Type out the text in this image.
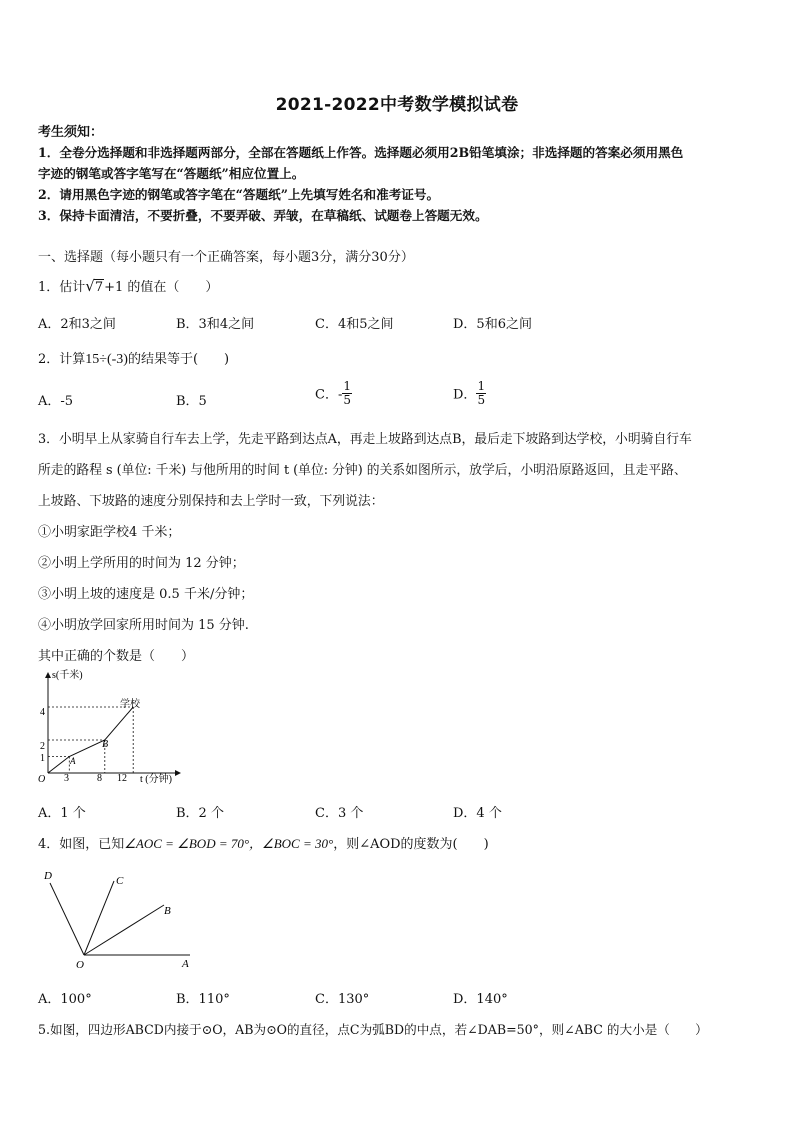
2021-2022中考数学模拟试卷
考生须知：
1．全卷分选择题和非选择题两部分，全部在答题纸上作答。选择题必须用2B铅笔填涂；非选择题的答案必须用黑色
字迹的钢笔或答字笔写在“答题纸”相应位置上。
2．请用黑色字迹的钢笔或答字笔在“答题纸”上先填写姓名和准考证号。
3．保持卡面清洁，不要折叠，不要弄破、弄皱，在草稿纸、试题卷上答题无效。
一、选择题（每小题只有一个正确答案，每小题3分，满分30分）
1．估计√7+1 的值在（　　）
A．2和3之间	B．3和4之间	C．4和5之间	D．5和6之间
2．计算15÷(-3)的结果等于(　　)
A．-5	B．5	C．- $\frac{1}{5}$	D． $\frac{1}{5}$
3．小明早上从家骑自行车去上学，先走平路到达点A，再走上坡路到达点B，最后走下坡路到达学校，小明骑自行车
所走的路程 s (单位: 千米) 与他所用的时间 t (单位: 分钟) 的关系如图所示，放学后，小明沿原路返回，且走平路、
上坡路、下坡路的速度分别保持和去上学时一致，下列说法：
①小明家距学校4 千米；
②小明上学所用的时间为 12 分钟；
③小明上坡的速度是 0.5 千米/分钟；
④小明放学回家所用时间为 15 分钟.
其中正确的个数是（　　）
s(千米)
t (分钟)
O
4
2
1
3	8 12
A
B
学校
A．1 个	B．2 个	C．3 个	D．4 个
4．如图，已知∠AOC = ∠BOD = 70°，∠BOC = 30°，则∠AOD的度数为(　　)
D	C
B
O	A
A．100°	B．110°	C．130°	D．140°
5.如图，四边形ABCD内接于⊙O，AB为⊙O的直径，点C为弧BD的中点，若∠DAB=50°，则∠ABC 的大小是（　　）
